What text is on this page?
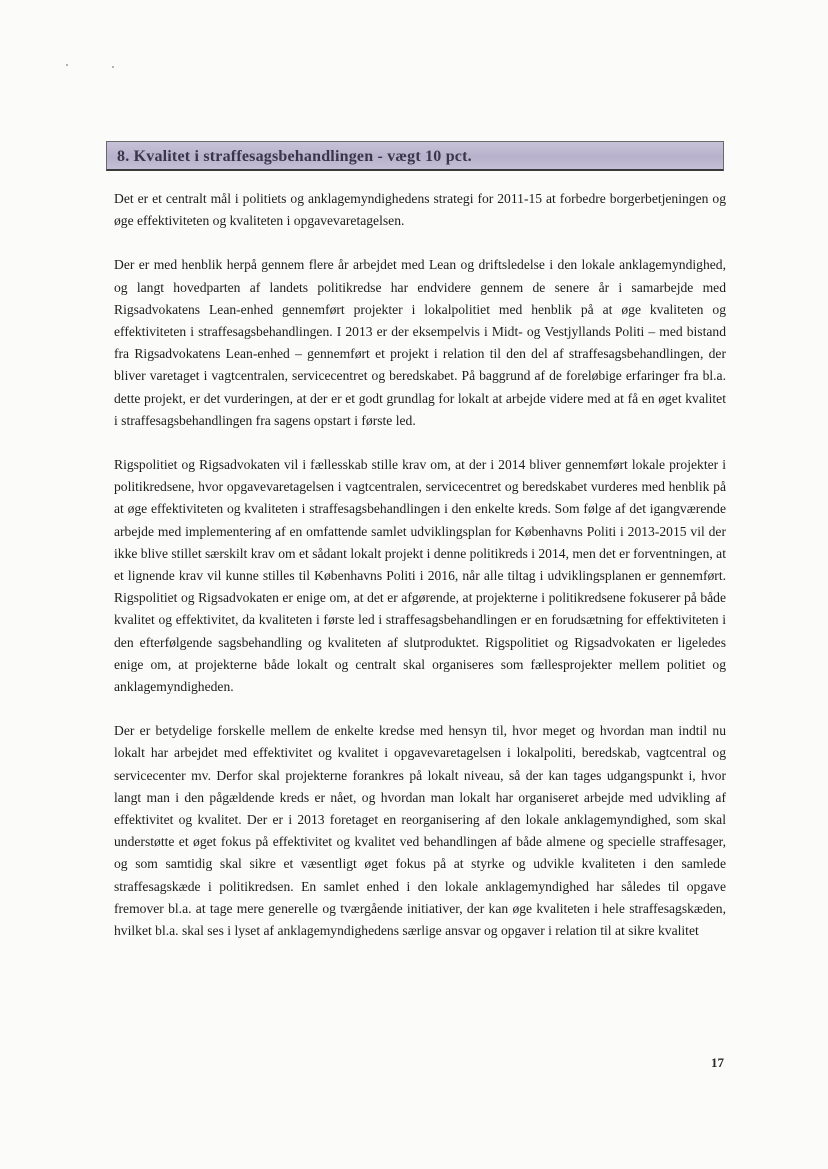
8. Kvalitet i straffesagsbehandlingen - vægt 10 pct.

Det er et centralt mål i politiets og anklagemyndighedens strategi for 2011-15 at forbedre borgerbetjeningen og øge effektiviteten og kvaliteten i opgavevaretagelsen.

Der er med henblik herpå gennem flere år arbejdet med Lean og driftsledelse i den lokale anklagemyndighed, og langt hovedparten af landets politikredse har endvidere gennem de senere år i samarbejde med Rigsadvokatens Lean-enhed gennemført projekter i lokalpolitiet med henblik på at øge kvaliteten og effektiviteten i straffesagsbehandlingen. I 2013 er der eksempelvis i Midt- og Vestjyllands Politi – med bistand fra Rigsadvokatens Lean-enhed – gennemført et projekt i relation til den del af straffesagsbehandlingen, der bliver varetaget i vagtcentralen, servicecentret og beredskabet. På baggrund af de foreløbige erfaringer fra bl.a. dette projekt, er det vurderingen, at der er et godt grundlag for lokalt at arbejde videre med at få en øget kvalitet i straffesagsbehandlingen fra sagens opstart i første led.

Rigspolitiet og Rigsadvokaten vil i fællesskab stille krav om, at der i 2014 bliver gennemført lokale projekter i politikredsene, hvor opgavevaretagelsen i vagtcentralen, servicecentret og beredskabet vurderes med henblik på at øge effektiviteten og kvaliteten i straffesagsbehandlingen i den enkelte kreds. Som følge af det igangværende arbejde med implementering af en omfattende samlet udviklingsplan for Københavns Politi i 2013-2015 vil der ikke blive stillet særskilt krav om et sådant lokalt projekt i denne politikreds i 2014, men det er forventningen, at et lignende krav vil kunne stilles til Københavns Politi i 2016, når alle tiltag i udviklingsplanen er gennemført. Rigspolitiet og Rigsadvokaten er enige om, at det er afgørende, at projekterne i politikredsene fokuserer på både kvalitet og effektivitet, da kvaliteten i første led i straffesagsbehandlingen er en forudsætning for effektiviteten i den efterfølgende sagsbehandling og kvaliteten af slutproduktet. Rigspolitiet og Rigsadvokaten er ligeledes enige om, at projekterne både lokalt og centralt skal organiseres som fællesprojekter mellem politiet og anklagemyndigheden.

Der er betydelige forskelle mellem de enkelte kredse med hensyn til, hvor meget og hvordan man indtil nu lokalt har arbejdet med effektivitet og kvalitet i opgavevaretagelsen i lokalpoliti, beredskab, vagtcentral og servicecenter mv. Derfor skal projekterne forankres på lokalt niveau, så der kan tages udgangspunkt i, hvor langt man i den pågældende kreds er nået, og hvordan man lokalt har organiseret arbejde med udvikling af effektivitet og kvalitet. Der er i 2013 foretaget en reorganisering af den lokale anklagemyndighed, som skal understøtte et øget fokus på effektivitet og kvalitet ved behandlingen af både almene og specielle straffesager, og som samtidig skal sikre et væsentligt øget fokus på at styrke og udvikle kvaliteten i den samlede straffesagskæde i politikredsen. En samlet enhed i den lokale anklagemyndighed har således til opgave fremover bl.a. at tage mere generelle og tværgående initiativer, der kan øge kvaliteten i hele straffesagskæden, hvilket bl.a. skal ses i lyset af anklagemyndighedens særlige ansvar og opgaver i relation til at sikre kvalitet

17
